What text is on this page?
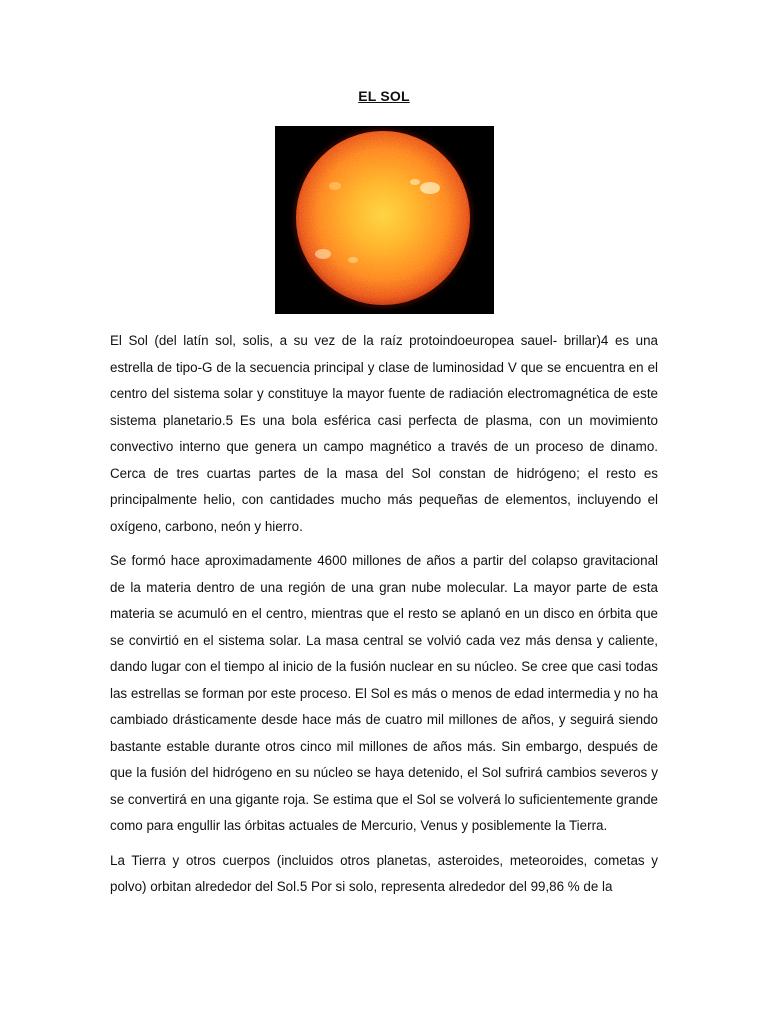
EL SOL

El Sol (del latín sol, solis, a su vez de la raíz protoindoeuropea sauel- brillar)4 es una estrella de tipo-G de la secuencia principal y clase de luminosidad V que se encuentra en el centro del sistema solar y constituye la mayor fuente de radiación electromagnética de este sistema planetario.5 Es una bola esférica casi perfecta de plasma, con un movimiento convectivo interno que genera un campo magnético a través de un proceso de dinamo. Cerca de tres cuartas partes de la masa del Sol constan de hidrógeno; el resto es principalmente helio, con cantidades mucho más pequeñas de elementos, incluyendo el oxígeno, carbono, neón y hierro.

Se formó hace aproximadamente 4600 millones de años a partir del colapso gravitacional de la materia dentro de una región de una gran nube molecular. La mayor parte de esta materia se acumuló en el centro, mientras que el resto se aplanó en un disco en órbita que se convirtió en el sistema solar. La masa central se volvió cada vez más densa y caliente, dando lugar con el tiempo al inicio de la fusión nuclear en su núcleo. Se cree que casi todas las estrellas se forman por este proceso. El Sol es más o menos de edad intermedia y no ha cambiado drásticamente desde hace más de cuatro mil millones de años, y seguirá siendo bastante estable durante otros cinco mil millones de años más. Sin embargo, después de que la fusión del hidrógeno en su núcleo se haya detenido, el Sol sufrirá cambios severos y se convertirá en una gigante roja. Se estima que el Sol se volverá lo suficientemente grande como para engullir las órbitas actuales de Mercurio, Venus y posiblemente la Tierra.

La Tierra y otros cuerpos (incluidos otros planetas, asteroides, meteoroides, cometas y polvo) orbitan alrededor del Sol.5 Por si solo, representa alrededor del 99,86 % de la
